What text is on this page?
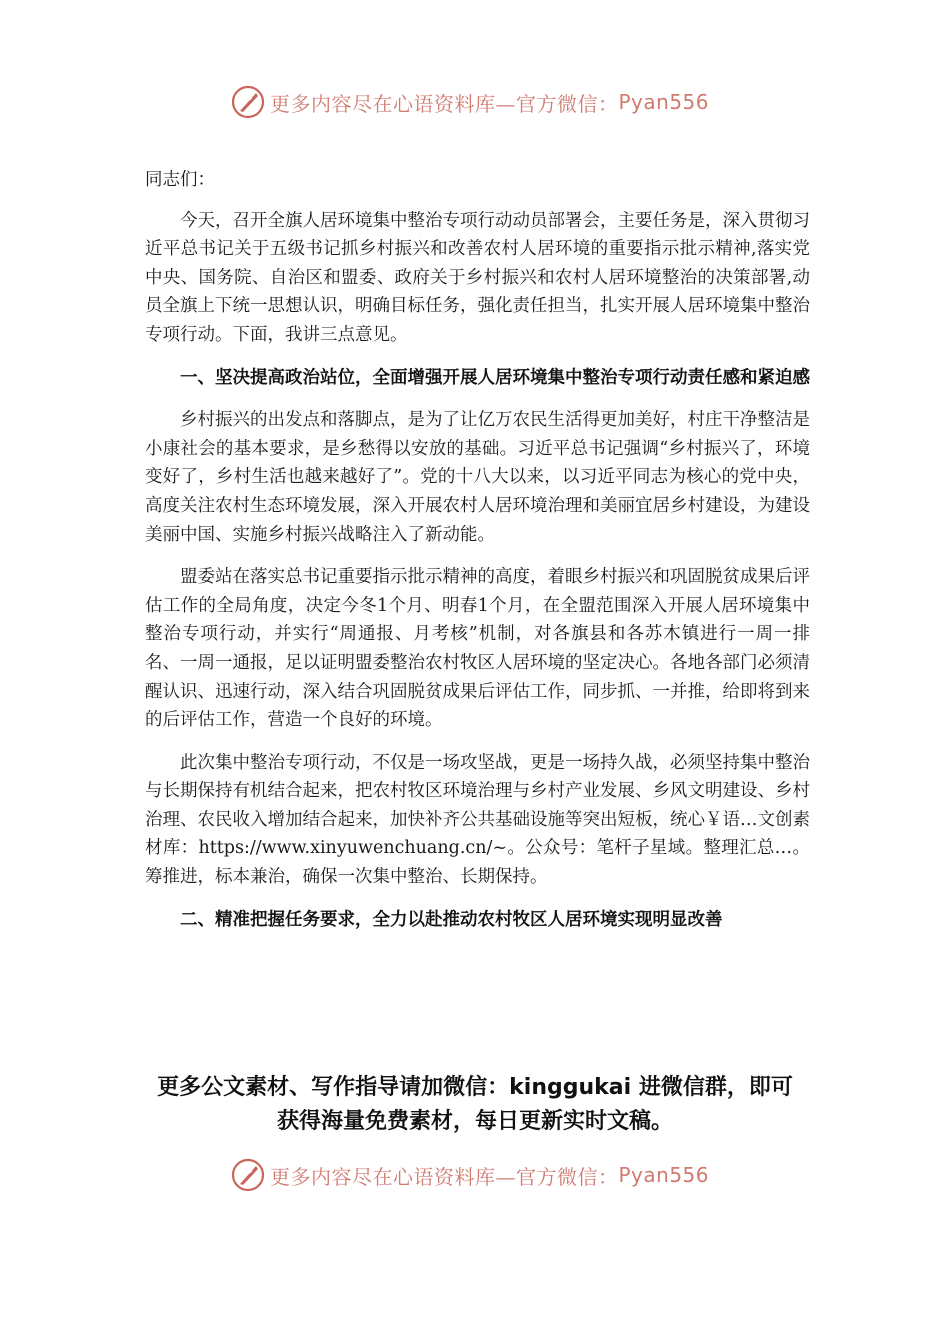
更多内容尽在心语资料库—官方微信： Pyan556

同志们：

今天，召开全旗人居环境集中整治专项行动动员部署会，主要任务是，深入贯彻习近平总书记关于五级书记抓乡村振兴和改善农村人居环境的重要指示批示精神,落实党中央、国务院、自治区和盟委、政府关于乡村振兴和农村人居环境整治的决策部署,动员全旗上下统一思想认识，明确目标任务，强化责任担当，扎实开展人居环境集中整治专项行动。下面，我讲三点意见。

一、坚决提高政治站位，全面增强开展人居环境集中整治专项行动责任感和紧迫感

乡村振兴的出发点和落脚点，是为了让亿万农民生活得更加美好，村庄干净整洁是小康社会的基本要求，是乡愁得以安放的基础。习近平总书记强调“乡村振兴了，环境变好了，乡村生活也越来越好了”。党的十八大以来，以习近平同志为核心的党中央，高度关注农村生态环境发展，深入开展农村人居环境治理和美丽宜居乡村建设，为建设美丽中国、实施乡村振兴战略注入了新动能。

盟委站在落实总书记重要指示批示精神的高度，着眼乡村振兴和巩固脱贫成果后评估工作的全局角度，决定今冬1个月、明春1个月，在全盟范围深入开展人居环境集中整治专项行动，并实行“周通报、月考核”机制，对各旗县和各苏木镇进行一周一排名、一周一通报，足以证明盟委整治农村牧区人居环境的坚定决心。各地各部门必须清醒认识、迅速行动，深入结合巩固脱贫成果后评估工作，同步抓、一并推，给即将到来的后评估工作，营造一个良好的环境。

此次集中整治专项行动，不仅是一场攻坚战，更是一场持久战，必须坚持集中整治与长期保持有机结合起来，把农村牧区环境治理与乡村产业发展、乡风文明建设、乡村治理、农民收入增加结合起来，加快补齐公共基础设施等突出短板，统心￥语…文创素材库：https://www.xinyuwenchuang.cn/~。公众号：笔杆子星域。整理汇总…。筹推进，标本兼治，确保一次集中整治、长期保持。

二、精准把握任务要求，全力以赴推动农村牧区人居环境实现明显改善
更多公文素材、写作指导请加微信：kinggukai 进微信群，即可
获得海量免费素材，每日更新实时文稿。
更多内容尽在心语资料库—官方微信： Pyan556
